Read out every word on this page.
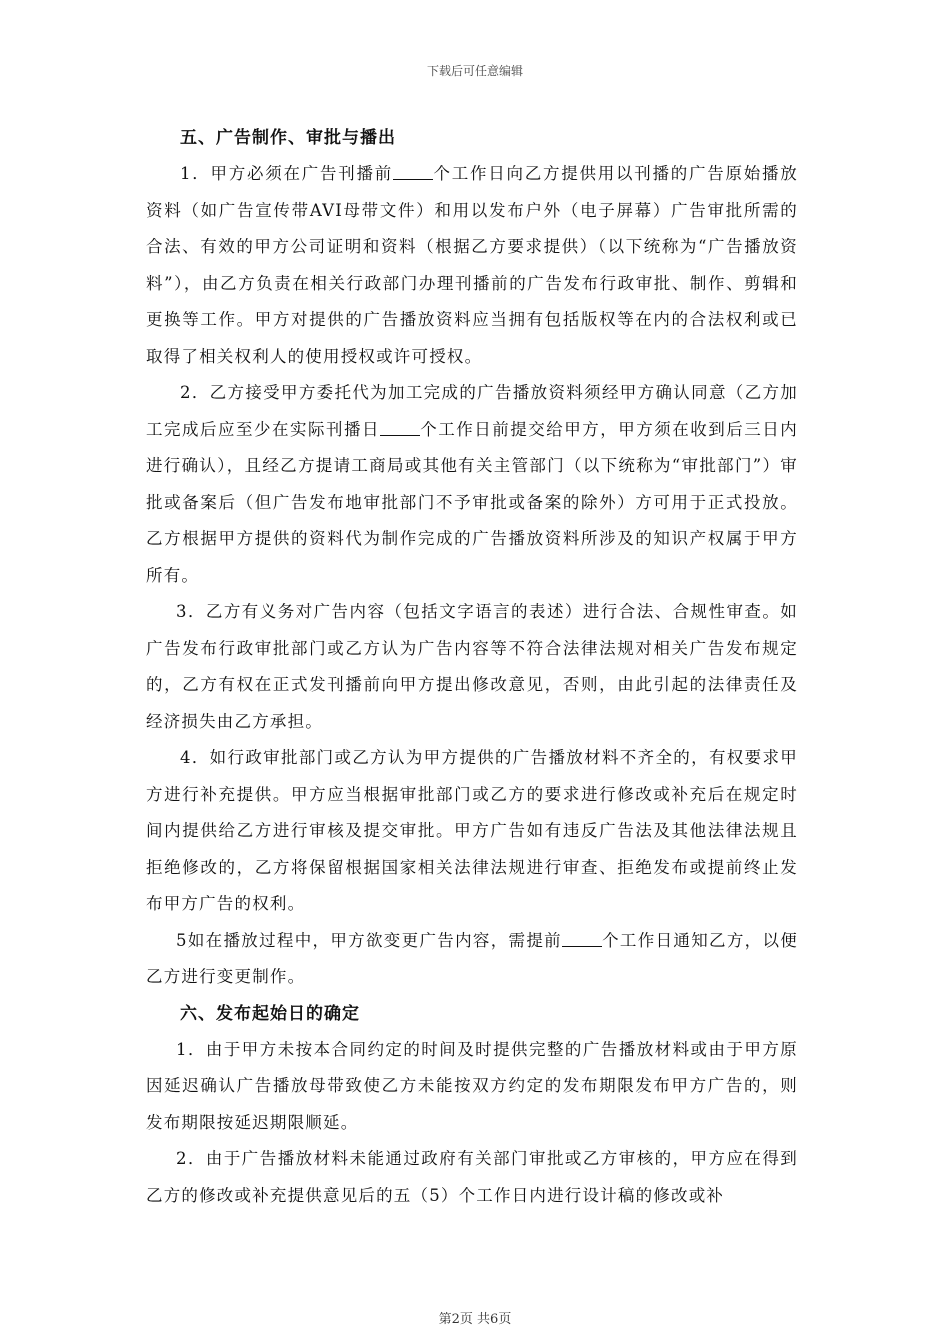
下载后可任意编辑
五、广告制作、审批与播出
1．甲方必须在广告刊播前 个工作日向乙方提供用以刊播的广告原始播放资料（如广告宣传带AVI母带文件）和用以发布户外（电子屏幕）广告审批所需的合法、有效的甲方公司证明和资料（根据乙方要求提供）（以下统称为“广告播放资料”），由乙方负责在相关行政部门办理刊播前的广告发布行政审批、制作、剪辑和更换等工作。甲方对提供的广告播放资料应当拥有包括版权等在内的合法权利或已取得了相关权利人的使用授权或许可授权。
2．乙方接受甲方委托代为加工完成的广告播放资料须经甲方确认同意（乙方加工完成后应至少在实际刊播日 个工作日前提交给甲方，甲方须在收到后三日内进行确认），且经乙方提请工商局或其他有关主管部门（以下统称为“审批部门”）审批或备案后（但广告发布地审批部门不予审批或备案的除外）方可用于正式投放。乙方根据甲方提供的资料代为制作完成的广告播放资料所涉及的知识产权属于甲方所有。
3．乙方有义务对广告内容（包括文字语言的表述）进行合法、合规性审查。如广告发布行政审批部门或乙方认为广告内容等不符合法律法规对相关广告发布规定的，乙方有权在正式发刊播前向甲方提出修改意见，否则，由此引起的法律责任及经济损失由乙方承担。
4．如行政审批部门或乙方认为甲方提供的广告播放材料不齐全的，有权要求甲方进行补充提供。甲方应当根据审批部门或乙方的要求进行修改或补充后在规定时间内提供给乙方进行审核及提交审批。甲方广告如有违反广告法及其他法律法规且拒绝修改的，乙方将保留根据国家相关法律法规进行审查、拒绝发布或提前终止发布甲方广告的权利。
5如在播放过程中，甲方欲变更广告内容，需提前 个工作日通知乙方，以便乙方进行变更制作。
六、发布起始日的确定
1．由于甲方未按本合同约定的时间及时提供完整的广告播放材料或由于甲方原因延迟确认广告播放母带致使乙方未能按双方约定的发布期限发布甲方广告的，则发布期限按延迟期限顺延。
2．由于广告播放材料未能通过政府有关部门审批或乙方审核的，甲方应在得到乙方的修改或补充提供意见后的五（5）个工作日内进行设计稿的修改或补
第2页 共6页
